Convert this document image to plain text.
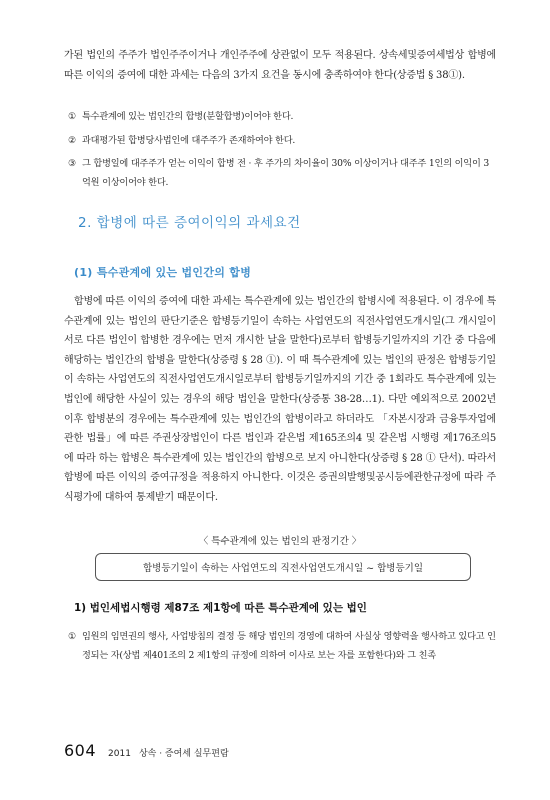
가된 법인의 주주가 법인주주이거나 개인주주에 상관없이 모두 적용된다. 상속세및증여세법상 합병에 따른 이익의 증여에 대한 과세는 다음의 3가지 요건을 동시에 충족하여야 한다(상증법 § 38①).

① 특수관계에 있는 법인간의 합병(분할합병)이어야 한다.
② 과대평가된 합병당사법인에 대주주가 존재하여야 한다.
③ 그 합병일에 대주주가 얻는 이익이 합병 전 · 후 주가의 차이율이 30% 이상이거나 대주주 1인의 이익이 3억원 이상이어야 한다.
2. 합병에 따른 증여이익의 과세요건
(1) 특수관계에 있는 법인간의 합병

합병에 따른 이익의 증여에 대한 과세는 특수관계에 있는 법인간의 합병시에 적용된다. 이 경우에 특수관계에 있는 법인의 판단기준은 합병등기일이 속하는 사업연도의 직전사업연도개시일(그 개시일이 서로 다른 법인이 합병한 경우에는 먼저 개시한 날을 말한다)로부터 합병등기일까지의 기간 중 다음에 해당하는 법인간의 합병을 말한다(상증령 § 28 ①). 이 때 특수관계에 있는 법인의 판정은 합병등기일이 속하는 사업연도의 직전사업연도개시일로부터 합병등기일까지의 기간 중 1회라도 특수관계에 있는 법인에 해당한 사실이 있는 경우의 해당 법인을 말한다(상증통 38-28…1). 다만 예외적으로 2002년 이후 합병분의 경우에는 특수관계에 있는 법인간의 합병이라고 하더라도 「자본시장과 금융투자업에 관한 법률」에 따른 주권상장법인이 다른 법인과 같은법 제165조의4 및 같은법 시행령 제176조의5에 따라 하는 합병은 특수관계에 있는 법인간의 합병으로 보지 아니한다(상증령 § 28 ① 단서). 따라서 합병에 따른 이익의 증여규정을 적용하지 아니한다. 이것은 증권의발행및공시등에관한규정에 따라 주식평가에 대하여 통제받기 때문이다.

〈 특수관계에 있는 법인의 판정기간 〉
합병등기일이 속하는 사업연도의 직전사업연도개시일 ~ 합병등기일
1) 법인세법시행령 제87조 제1항에 따른 특수관계에 있는 법인
① 임원의 임면권의 행사, 사업방침의 결정 등 해당 법인의 경영에 대하여 사실상 영향력을 행사하고 있다고 인정되는 자(상법 제401조의 2 제1항의 규정에 의하여 이사로 보는 자를 포함한다)와 그 친족
604 2011 상속 · 증여세 실무편람
